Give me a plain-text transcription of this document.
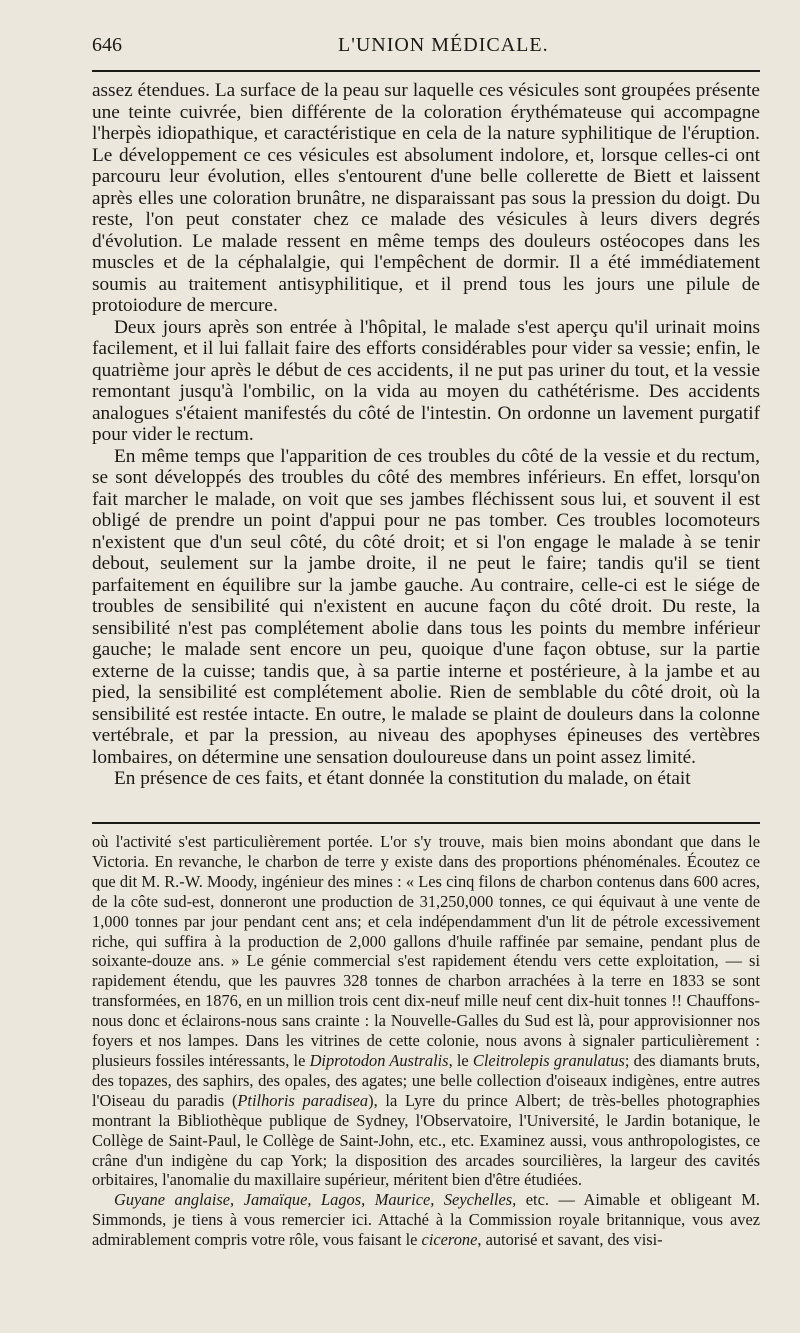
646	L'UNION MÉDICALE.

assez étendues. La surface de la peau sur laquelle ces vésicules sont groupées présente une teinte cuivrée, bien différente de la coloration érythémateuse qui accompagne l'herpès idiopathique, et caractéristique en cela de la nature syphilitique de l'éruption. Le développement ce ces vésicules est absolument indolore, et, lorsque celles-ci ont parcouru leur évolution, elles s'entourent d'une belle collerette de Biett et laissent après elles une coloration brunâtre, ne disparaissant pas sous la pression du doigt. Du reste, l'on peut constater chez ce malade des vésicules à leurs divers degrés d'évolution. Le malade ressent en même temps des douleurs ostéocopes dans les muscles et de la céphalalgie, qui l'empêchent de dormir. Il a été immédiatement soumis au traitement antisyphilitique, et il prend tous les jours une pilule de protoiodure de mercure.

Deux jours après son entrée à l'hôpital, le malade s'est aperçu qu'il urinait moins facilement, et il lui fallait faire des efforts considérables pour vider sa vessie; enfin, le quatrième jour après le début de ces accidents, il ne put pas uriner du tout, et la vessie remontant jusqu'à l'ombilic, on la vida au moyen du cathétérisme. Des accidents analogues s'étaient manifestés du côté de l'intestin. On ordonne un lavement purgatif pour vider le rectum.

En même temps que l'apparition de ces troubles du côté de la vessie et du rectum, se sont développés des troubles du côté des membres inférieurs. En effet, lorsqu'on fait marcher le malade, on voit que ses jambes fléchissent sous lui, et souvent il est obligé de prendre un point d'appui pour ne pas tomber. Ces troubles locomoteurs n'existent que d'un seul côté, du côté droit; et si l'on engage le malade à se tenir debout, seulement sur la jambe droite, il ne peut le faire; tandis qu'il se tient parfaitement en équilibre sur la jambe gauche. Au contraire, celle-ci est le siége de troubles de sensibilité qui n'existent en aucune façon du côté droit. Du reste, la sensibilité n'est pas complétement abolie dans tous les points du membre inférieur gauche; le malade sent encore un peu, quoique d'une façon obtuse, sur la partie externe de la cuisse; tandis que, à sa partie interne et postérieure, à la jambe et au pied, la sensibilité est complétement abolie. Rien de semblable du côté droit, où la sensibilité est restée intacte. En outre, le malade se plaint de douleurs dans la colonne vertébrale, et par la pression, au niveau des apophyses épineuses des vertèbres lombaires, on détermine une sensation douloureuse dans un point assez limité.

En présence de ces faits, et étant donnée la constitution du malade, on était

où l'activité s'est particulièrement portée. L'or s'y trouve, mais bien moins abondant que dans le Victoria. En revanche, le charbon de terre y existe dans des proportions phénoménales. Écoutez ce que dit M. R.-W. Moody, ingénieur des mines : « Les cinq filons de charbon contenus dans 600 acres, de la côte sud-est, donneront une production de 31,250,000 tonnes, ce qui équivaut à une vente de 1,000 tonnes par jour pendant cent ans; et cela indépendamment d'un lit de pétrole excessivement riche, qui suffira à la production de 2,000 gallons d'huile raffinée par semaine, pendant plus de soixante-douze ans. » Le génie commercial s'est rapidement étendu vers cette exploitation, — si rapidement étendu, que les pauvres 328 tonnes de charbon arrachées à la terre en 1833 se sont transformées, en 1876, en un million trois cent dix-neuf mille neuf cent dix-huit tonnes !! Chauffons-nous donc et éclairons-nous sans crainte : la Nouvelle-Galles du Sud est là, pour approvisionner nos foyers et nos lampes. Dans les vitrines de cette colonie, nous avons à signaler particulièrement : plusieurs fossiles intéressants, le Diprotodon Australis, le Cleitrolepis granulatus; des diamants bruts, des topazes, des saphirs, des opales, des agates; une belle collection d'oiseaux indigènes, entre autres l'Oiseau du paradis (Ptilhoris paradisea), la Lyre du prince Albert; de très-belles photographies montrant la Bibliothèque publique de Sydney, l'Observatoire, l'Université, le Jardin botanique, le Collège de Saint-Paul, le Collège de Saint-John, etc., etc. Examinez aussi, vous anthropologistes, ce crâne d'un indigène du cap York; la disposition des arcades sourcilières, la largeur des cavités orbitaires, l'anomalie du maxillaire supérieur, méritent bien d'être étudiées.

Guyane anglaise, Jamaïque, Lagos, Maurice, Seychelles, etc. — Aimable et obligeant M. Simmonds, je tiens à vous remercier ici. Attaché à la Commission royale britannique, vous avez admirablement compris votre rôle, vous faisant le cicerone, autorisé et savant, des visi-
